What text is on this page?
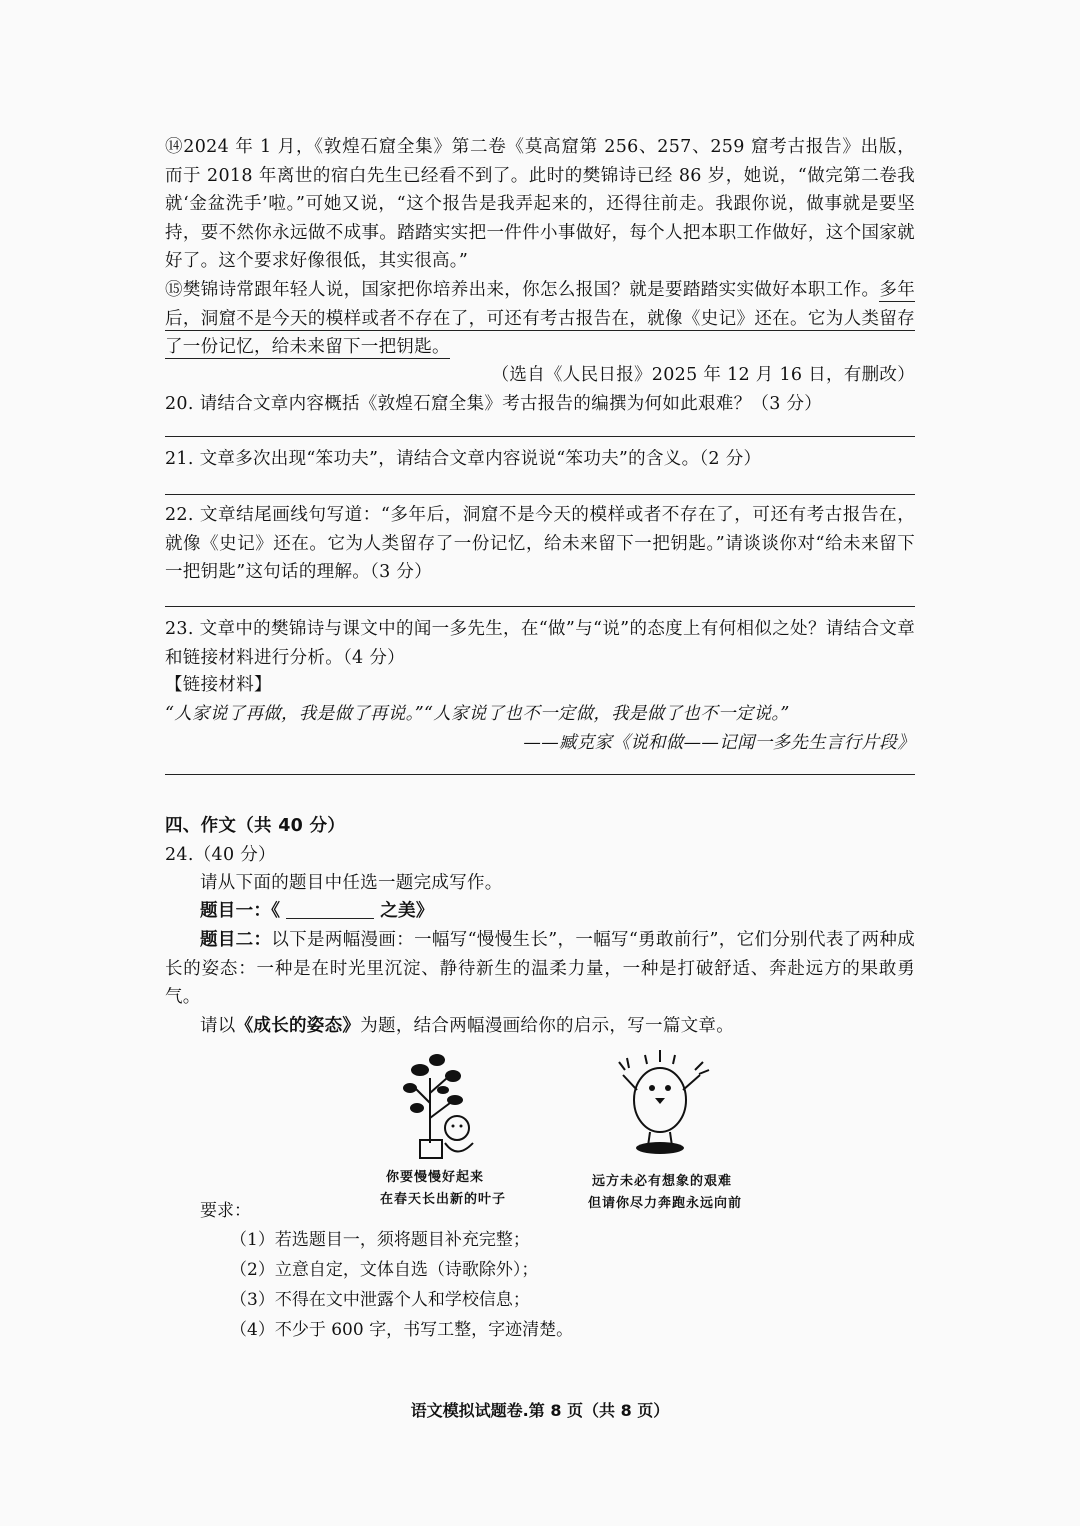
⑭2024 年 1 月，《敦煌石窟全集》第二卷《莫高窟第 256、257、259 窟考古报告》出版，而于 2018 年离世的宿白先生已经看不到了。此时的樊锦诗已经 86 岁，她说，“做完第二卷我就‘金盆洗手’啦。”可她又说，“这个报告是我弄起来的，还得往前走。我跟你说，做事就是要坚持，要不然你永远做不成事。踏踏实实把一件件小事做好，每个人把本职工作做好，这个国家就好了。这个要求好像很低，其实很高。”
⑮樊锦诗常跟年轻人说，国家把你培养出来，你怎么报国？就是要踏踏实实做好本职工作。多年后，洞窟不是今天的模样或者不存在了，可还有考古报告在，就像《史记》还在。它为人类留存了一份记忆，给未来留下一把钥匙。
（选自《人民日报》2025 年 12 月 16 日，有删改）
20. 请结合文章内容概括《敦煌石窟全集》考古报告的编撰为何如此艰难？（3 分）
21. 文章多次出现“笨功夫”，请结合文章内容说说“笨功夫”的含义。（2 分）
22. 文章结尾画线句写道：“多年后，洞窟不是今天的模样或者不存在了，可还有考古报告在，就像《史记》还在。它为人类留存了一份记忆，给未来留下一把钥匙。”请谈谈你对“给未来留下一把钥匙”这句话的理解。（3 分）
23. 文章中的樊锦诗与课文中的闻一多先生，在“做”与“说”的态度上有何相似之处？请结合文章和链接材料进行分析。（4 分）
【链接材料】
“人家说了再做，我是做了再说。”“人家说了也不一定做，我是做了也不一定说。”
——臧克家《说和做——记闻一多先生言行片段》
四、作文（共 40 分）
24.（40 分）
请从下面的题目中任选一题完成写作。
题目一：《	之美》
题目二：以下是两幅漫画：一幅写“慢慢生长”，一幅写“勇敢前行”，它们分别代表了两种成长的姿态：一种是在时光里沉淀、静待新生的温柔力量，一种是打破舒适、奔赴远方的果敢勇气。
请以《成长的姿态》为题，结合两幅漫画给你的启示，写一篇文章。
你要慢慢好起来
在春天长出新的叶子
远方未必有想象的艰难
但请你尽力奔跑永远向前
要求：
（1）若选题目一，须将题目补充完整；
（2）立意自定，文体自选（诗歌除外）；
（3）不得在文中泄露个人和学校信息；
（4）不少于 600 字，书写工整，字迹清楚。
语文模拟试题卷.第 8 页（共 8 页）
